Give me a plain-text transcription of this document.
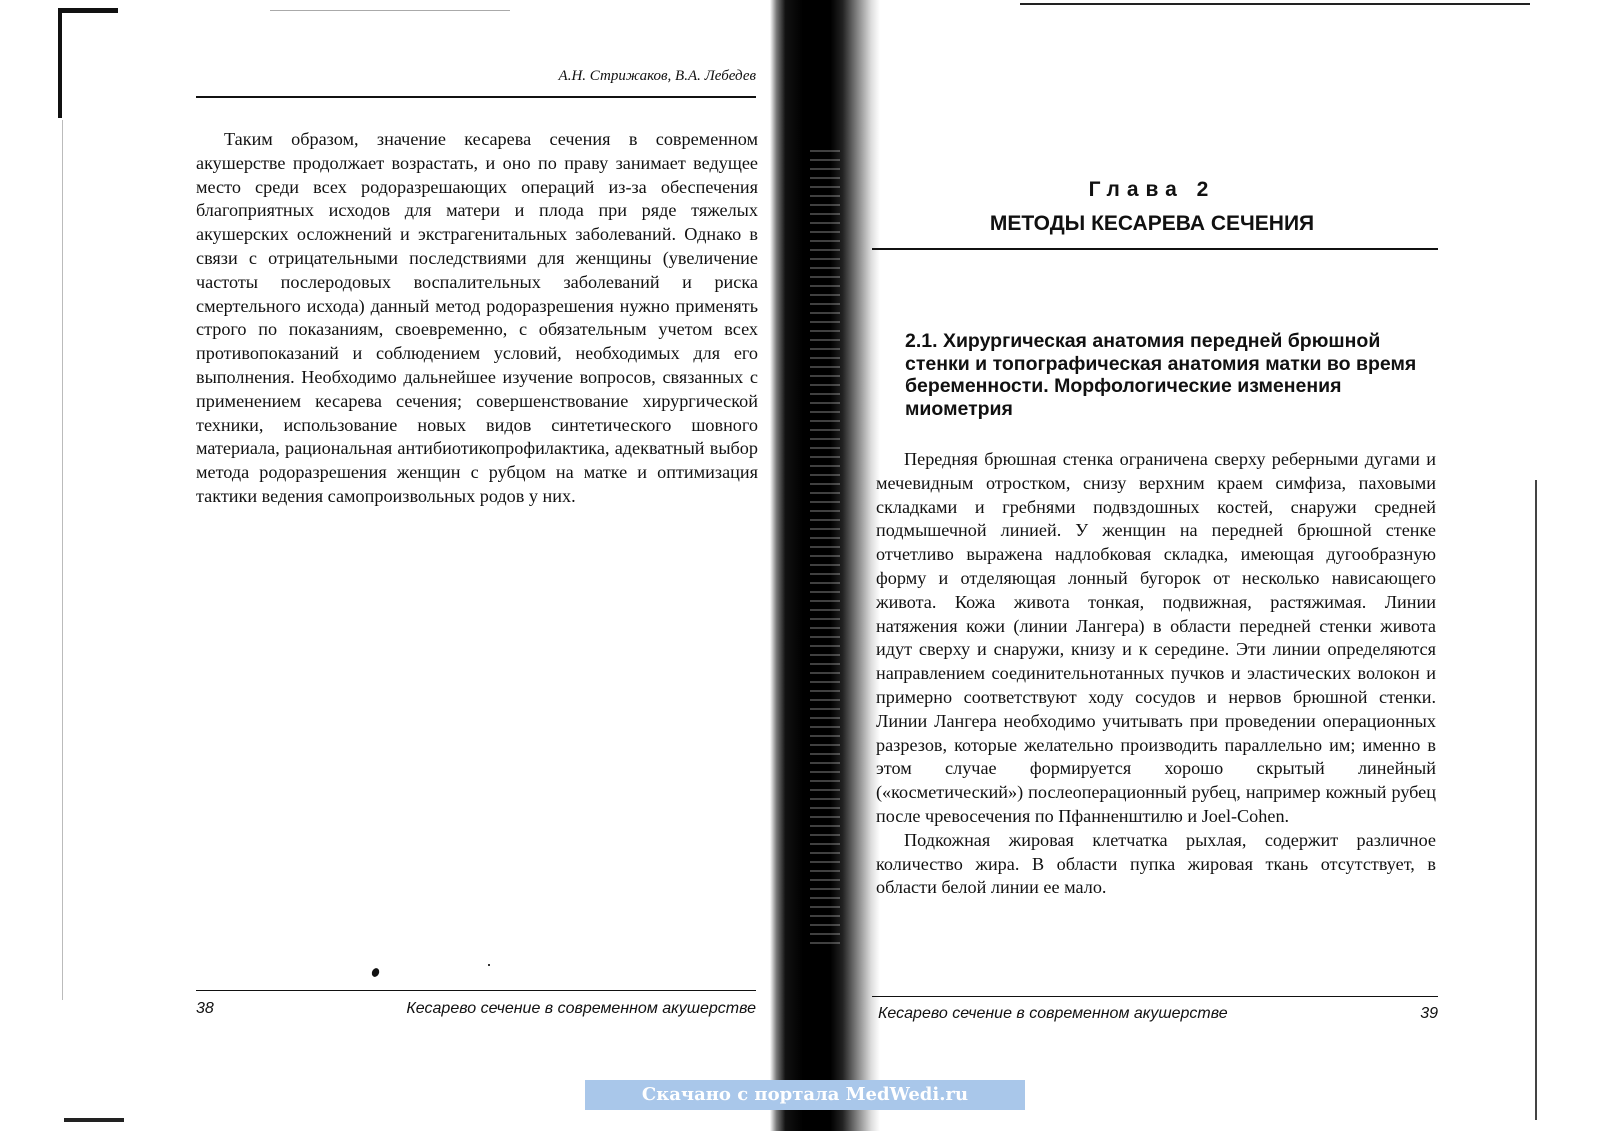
А.Н. Стрижаков, В.А. Лебедев

Таким образом, значение кесарева сечения в современном акушерстве продолжает возрастать, и оно по праву занимает ведущее место среди всех родоразрешающих операций из-за обеспечения благоприятных исходов для матери и плода при ряде тяжелых акушерских осложнений и экстрагенитальных заболеваний. Однако в связи с отрицательными последствиями для женщины (увеличение частоты послеродовых воспалительных заболеваний и риска смертельного исхода) данный метод родоразрешения нужно применять строго по показаниям, своевременно, с обязательным учетом всех противопоказаний и соблюдением условий, необходимых для его выполнения. Необходимо дальнейшее изучение вопросов, связанных с применением кесарева сечения; совершенствование хирургической техники, использование новых видов синтетического шовного материала, рациональная антибиотикопрофилактика, адекватный выбор метода родоразрешения женщин с рубцом на матке и оптимизация тактики ведения самопроизвольных родов у них.

38	Кесарево сечение в современном акушерстве
Глава 2
МЕТОДЫ КЕСАРЕВА СЕЧЕНИЯ
2.1. Хирургическая анатомия передней брюшной стенки и топографическая анатомия матки во время беременности. Морфологические изменения миометрия

Передняя брюшная стенка ограничена сверху реберными дугами и мечевидным отростком, снизу верхним краем симфиза, паховыми складками и гребнями подвздошных костей, снаружи средней подмышечной линией. У женщин на передней брюшной стенке отчетливо выражена надлобковая складка, имеющая дугообразную форму и отделяющая лонный бугорок от несколько нависающего живота. Кожа живота тонкая, подвижная, растяжимая. Линии натяжения кожи (линии Лангера) в области передней стенки живота идут сверху и снаружи, книзу и к середине. Эти линии определяются направлением соединительнотанных пучков и эластических волокон и примерно соответствуют ходу сосудов и нервов брюшной стенки. Линии Лангера необходимо учитывать при проведении операционных разрезов, которые желательно производить параллельно им; именно в этом случае формируется хорошо скрытый линейный («косметический») послеоперационный рубец, например кожный рубец после чревосечения по Пфанненштилю и Joel-Cohen.

Подкожная жировая клетчатка рыхлая, содержит различное количество жира. В области пупка жировая ткань отсутствует, в области белой линии ее мало.

Кесарево сечение в современном акушерстве	39
Скачано с портала MedWedi.ru
